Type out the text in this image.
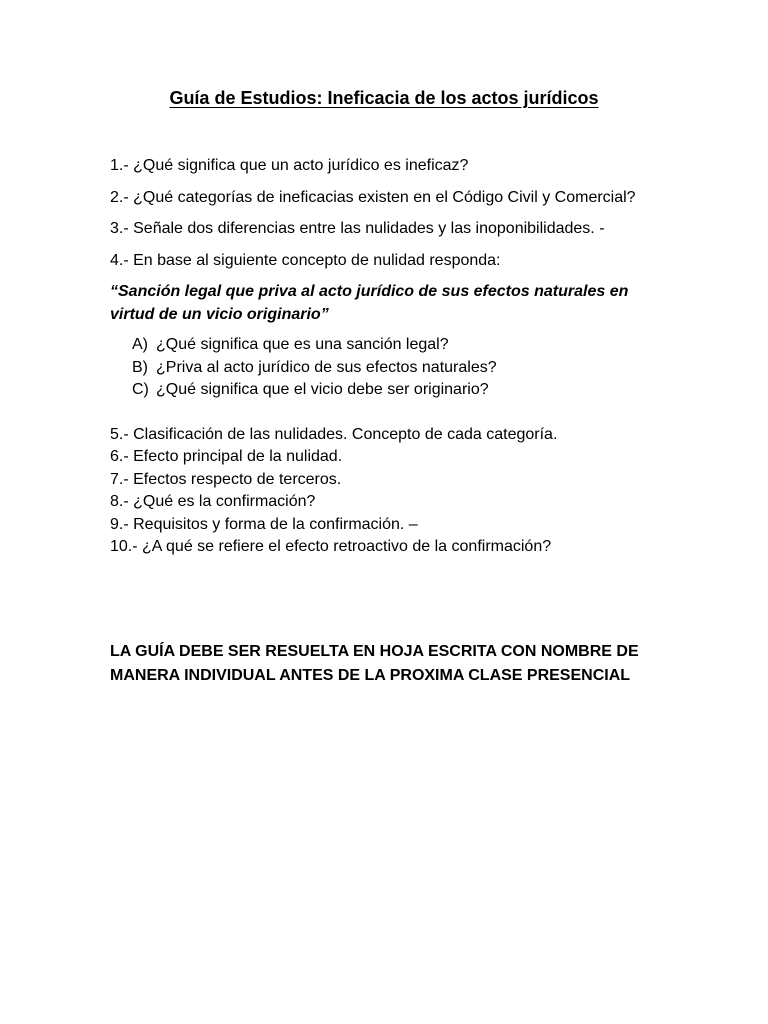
Guía de Estudios: Ineficacia de los actos jurídicos

1.- ¿Qué significa que un acto jurídico es ineficaz?

2.- ¿Qué categorías de ineficacias existen en el Código Civil y Comercial?

3.- Señale dos diferencias entre las nulidades y las inoponibilidades. -

4.- En base al siguiente concepto de nulidad responda:

“Sanción legal que priva al acto jurídico de sus efectos naturales en virtud de un vicio originario”

A) ¿Qué significa que es una sanción legal?
B) ¿Priva al acto jurídico de sus efectos naturales?
C) ¿Qué significa que el vicio debe ser originario?

5.- Clasificación de las nulidades. Concepto de cada categoría.

6.- Efecto principal de la nulidad.

7.- Efectos respecto de terceros.

8.- ¿Qué es la confirmación?

9.- Requisitos y forma de la confirmación. –

10.- ¿A qué se refiere el efecto retroactivo de la confirmación?

LA GUÍA DEBE SER RESUELTA EN HOJA ESCRITA CON NOMBRE DE MANERA INDIVIDUAL ANTES DE LA PROXIMA CLASE PRESENCIAL
